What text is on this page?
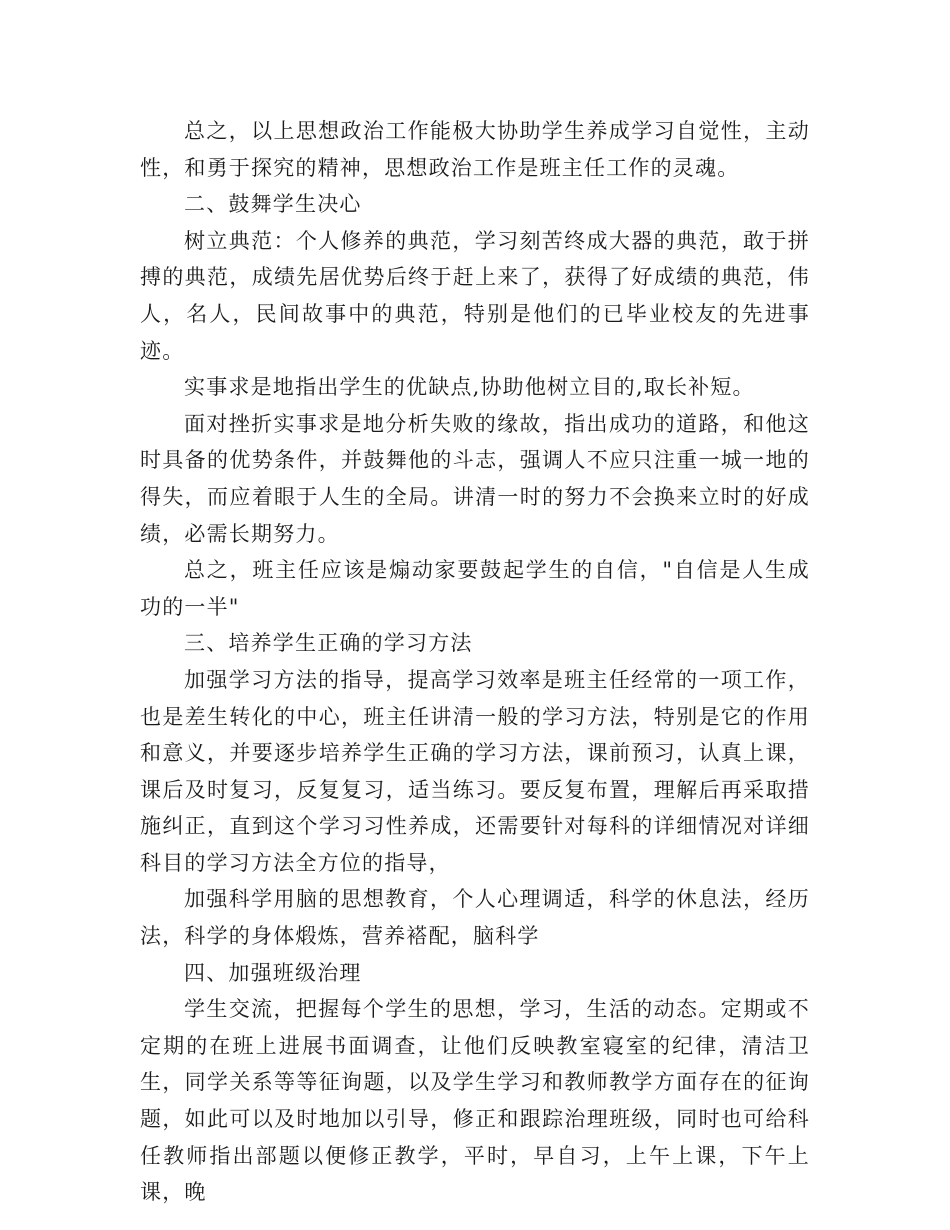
总之，以上思想政治工作能极大协助学生养成学习自觉性，主动性，和勇于探究的精神，思想政治工作是班主任工作的灵魂。

二、鼓舞学生决心

树立典范：个人修养的典范，学习刻苦终成大器的典范，敢于拼搏的典范，成绩先居优势后终于赶上来了，获得了好成绩的典范，伟人，名人，民间故事中的典范，特别是他们的已毕业校友的先进事迹。

实事求是地指出学生的优缺点,协助他树立目的,取长补短。

面对挫折实事求是地分析失败的缘故，指出成功的道路，和他这时具备的优势条件，并鼓舞他的斗志，强调人不应只注重一城一地的得失，而应着眼于人生的全局。讲清一时的努力不会换来立时的好成绩，必需长期努力。

总之，班主任应该是煽动家要鼓起学生的自信，"自信是人生成功的一半"

三、培养学生正确的学习方法

加强学习方法的指导，提高学习效率是班主任经常的一项工作，也是差生转化的中心，班主任讲清一般的学习方法，特别是它的作用和意义，并要逐步培养学生正确的学习方法，课前预习，认真上课，课后及时复习，反复复习，适当练习。要反复布置，理解后再采取措施纠正，直到这个学习习性养成，还需要针对每科的详细情况对详细科目的学习方法全方位的指导，

加强科学用脑的思想教育，个人心理调适，科学的休息法，经历法，科学的身体煅炼，营养褡配，脑科学

四、加强班级治理

学生交流，把握每个学生的思想，学习，生活的动态。定期或不定期的在班上进展书面调查，让他们反映教室寝室的纪律，清洁卫生，同学关系等等征询题，以及学生学习和教师教学方面存在的征询题，如此可以及时地加以引导，修正和跟踪治理班级，同时也可给科任教师指出部题以便修正教学，平时，早自习，上午上课，下午上课，晚
